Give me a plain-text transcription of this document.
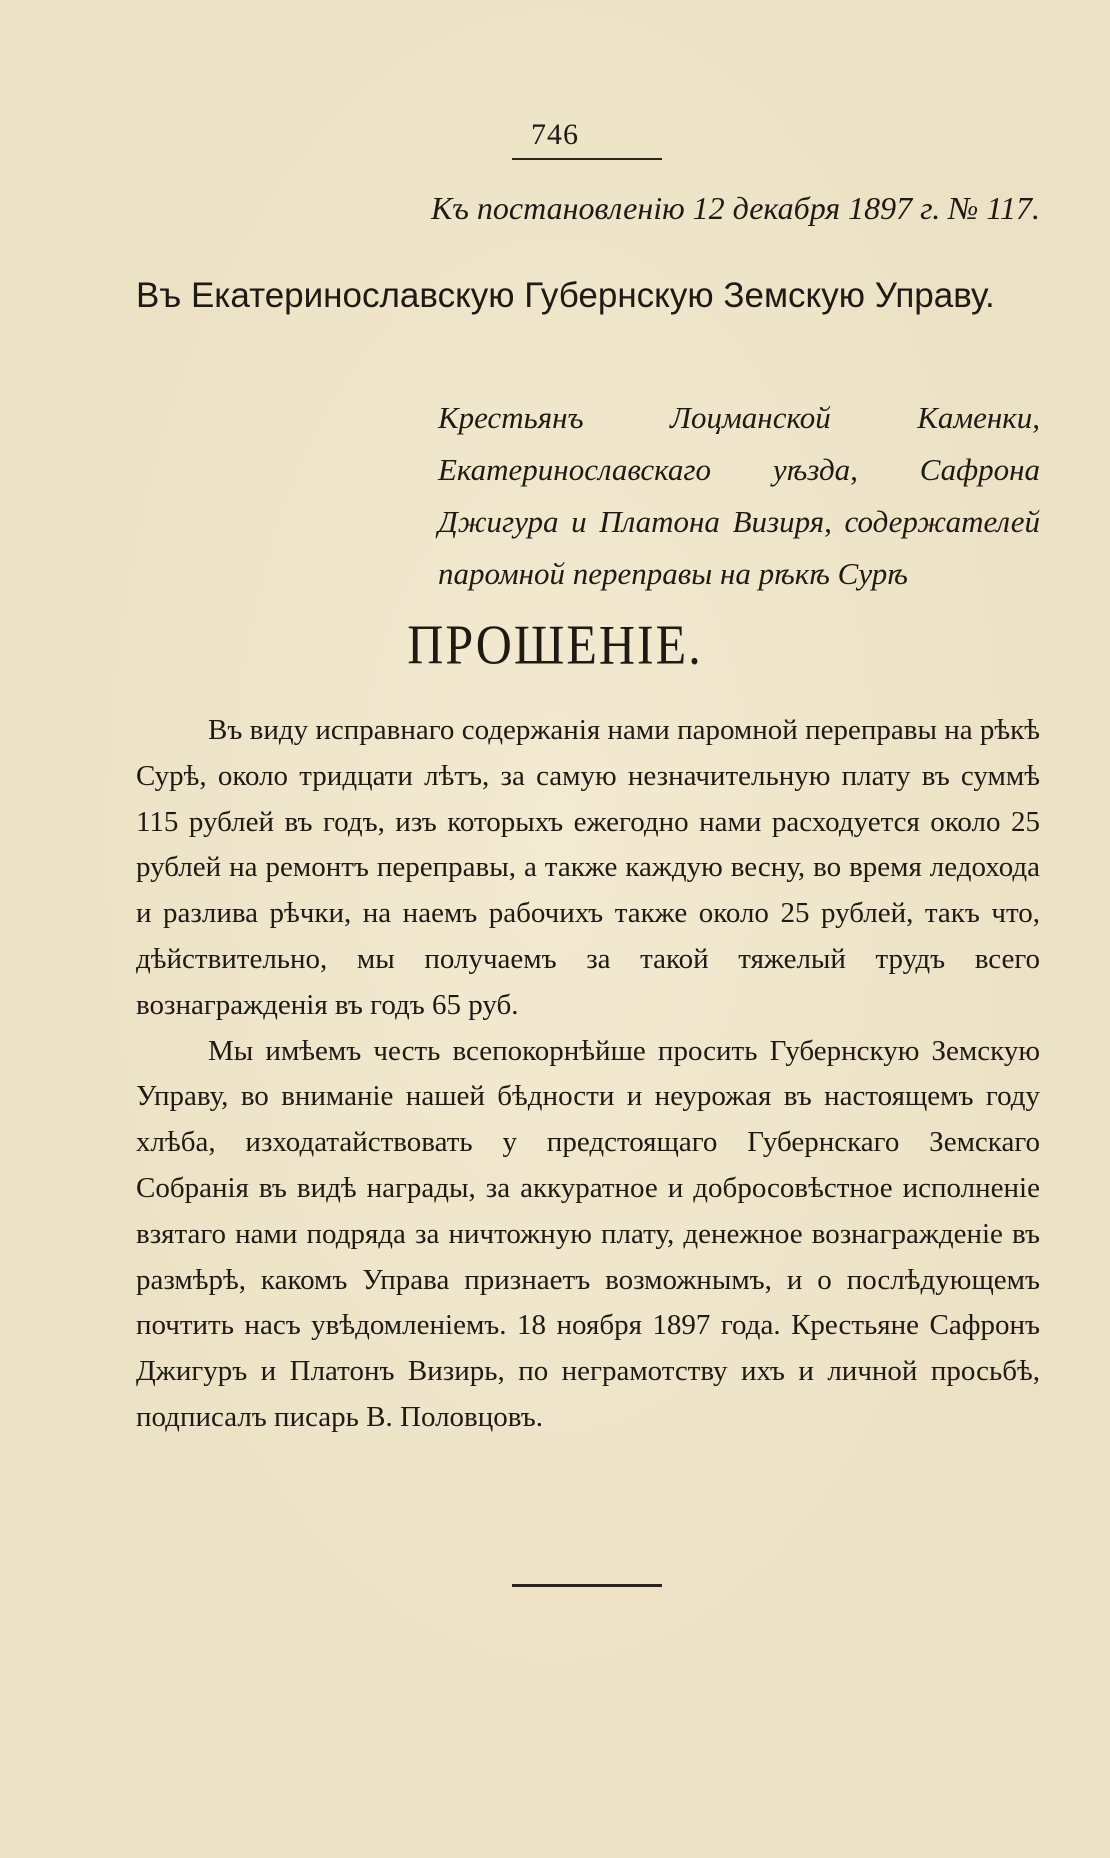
746
Къ постановленію 12 декабря 1897 г. № 117.
Въ Екатеринославскую Губернскую Земскую Управу.
Крестьянъ Лоцманской Каменки, Екатеринославскаго уѣзда, Сафрона Джигура и Платона Визиря, содержателей паромной переправы на рѣкѣ Сурѣ
ПРОШЕНІЕ.

Въ виду исправнаго содержанія нами паромной переправы на рѣкѣ Сурѣ, около тридцати лѣтъ, за самую незначительную плату въ суммѣ 115 рублей въ годъ, изъ которыхъ ежегодно нами расходуется около 25 рублей на ремонтъ переправы, а также каждую весну, во время ледохода и разлива рѣчки, на наемъ рабочихъ также около 25 рублей, такъ что, дѣйствительно, мы получаемъ за такой тяжелый трудъ всего вознагражденія въ годъ 65 руб.

Мы имѣемъ честь всепокорнѣйше просить Губернскую Земскую Управу, во вниманіе нашей бѣдности и неурожая въ настоящемъ году хлѣба, изходатайствовать у предстоящаго Губернскаго Земскаго Собранія въ видѣ награды, за аккуратное и добросовѣстное исполненіе взятаго нами подряда за ничтожную плату, денежное вознагражденіе въ размѣрѣ, какомъ Управа признаетъ возможнымъ, и о послѣдующемъ почтить насъ увѣдомленіемъ. 18 ноября 1897 года. Крестьяне Сафронъ Джигуръ и Платонъ Визирь, по неграмотству ихъ и личной просьбѣ, подписалъ писарь В. Половцовъ.
